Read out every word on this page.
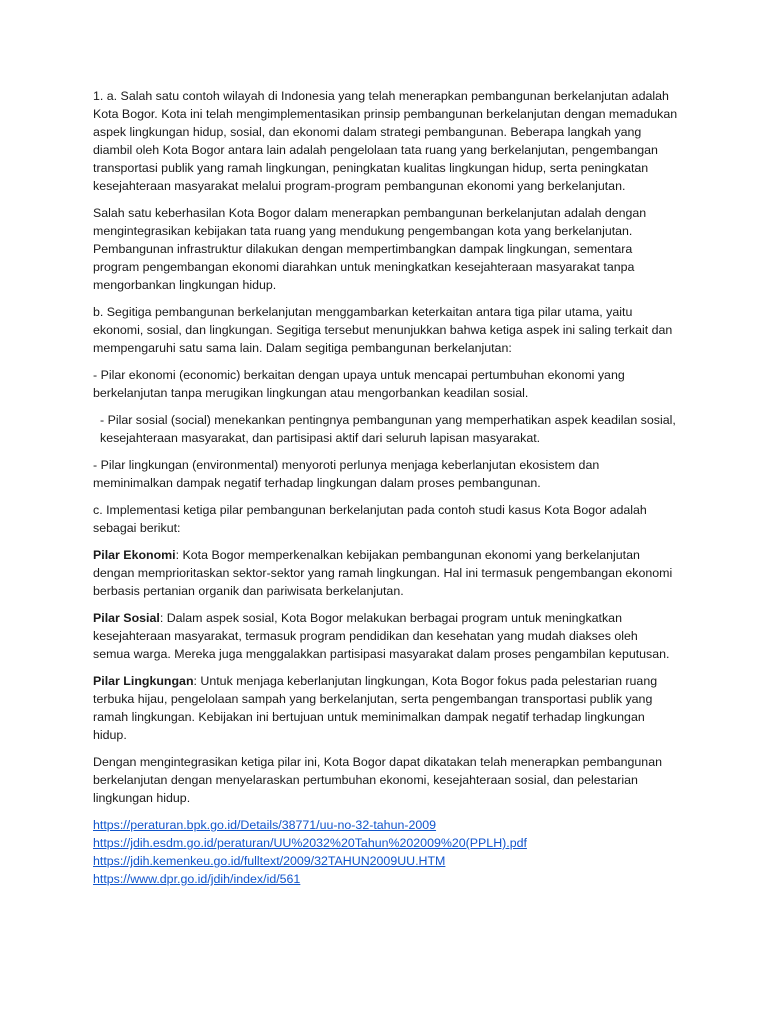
1. a. Salah satu contoh wilayah di Indonesia yang telah menerapkan pembangunan berkelanjutan adalah Kota Bogor. Kota ini telah mengimplementasikan prinsip pembangunan berkelanjutan dengan memadukan aspek lingkungan hidup, sosial, dan ekonomi dalam strategi pembangunan. Beberapa langkah yang diambil oleh Kota Bogor antara lain adalah pengelolaan tata ruang yang berkelanjutan, pengembangan transportasi publik yang ramah lingkungan, peningkatan kualitas lingkungan hidup, serta peningkatan kesejahteraan masyarakat melalui program-program pembangunan ekonomi yang berkelanjutan.

Salah satu keberhasilan Kota Bogor dalam menerapkan pembangunan berkelanjutan adalah dengan mengintegrasikan kebijakan tata ruang yang mendukung pengembangan kota yang berkelanjutan. Pembangunan infrastruktur dilakukan dengan mempertimbangkan dampak lingkungan, sementara program pengembangan ekonomi diarahkan untuk meningkatkan kesejahteraan masyarakat tanpa mengorbankan lingkungan hidup.

b. Segitiga pembangunan berkelanjutan menggambarkan keterkaitan antara tiga pilar utama, yaitu ekonomi, sosial, dan lingkungan. Segitiga tersebut menunjukkan bahwa ketiga aspek ini saling terkait dan mempengaruhi satu sama lain. Dalam segitiga pembangunan berkelanjutan:

- Pilar ekonomi (economic) berkaitan dengan upaya untuk mencapai pertumbuhan ekonomi yang berkelanjutan tanpa merugikan lingkungan atau mengorbankan keadilan sosial.

- Pilar sosial (social) menekankan pentingnya pembangunan yang memperhatikan aspek keadilan sosial, kesejahteraan masyarakat, dan partisipasi aktif dari seluruh lapisan masyarakat.

- Pilar lingkungan (environmental) menyoroti perlunya menjaga keberlanjutan ekosistem dan meminimalkan dampak negatif terhadap lingkungan dalam proses pembangunan.

c. Implementasi ketiga pilar pembangunan berkelanjutan pada contoh studi kasus Kota Bogor adalah sebagai berikut:

Pilar Ekonomi: Kota Bogor memperkenalkan kebijakan pembangunan ekonomi yang berkelanjutan dengan memprioritaskan sektor-sektor yang ramah lingkungan. Hal ini termasuk pengembangan ekonomi berbasis pertanian organik dan pariwisata berkelanjutan.

Pilar Sosial: Dalam aspek sosial, Kota Bogor melakukan berbagai program untuk meningkatkan kesejahteraan masyarakat, termasuk program pendidikan dan kesehatan yang mudah diakses oleh semua warga. Mereka juga menggalakkan partisipasi masyarakat dalam proses pengambilan keputusan.

Pilar Lingkungan: Untuk menjaga keberlanjutan lingkungan, Kota Bogor fokus pada pelestarian ruang terbuka hijau, pengelolaan sampah yang berkelanjutan, serta pengembangan transportasi publik yang ramah lingkungan. Kebijakan ini bertujuan untuk meminimalkan dampak negatif terhadap lingkungan hidup.

Dengan mengintegrasikan ketiga pilar ini, Kota Bogor dapat dikatakan telah menerapkan pembangunan berkelanjutan dengan menyelaraskan pertumbuhan ekonomi, kesejahteraan sosial, dan pelestarian lingkungan hidup.

https://peraturan.bpk.go.id/Details/38771/uu-no-32-tahun-2009
https://jdih.esdm.go.id/peraturan/UU%2032%20Tahun%202009%20(PPLH).pdf
https://jdih.kemenkeu.go.id/fulltext/2009/32TAHUN2009UU.HTM
https://www.dpr.go.id/jdih/index/id/561
